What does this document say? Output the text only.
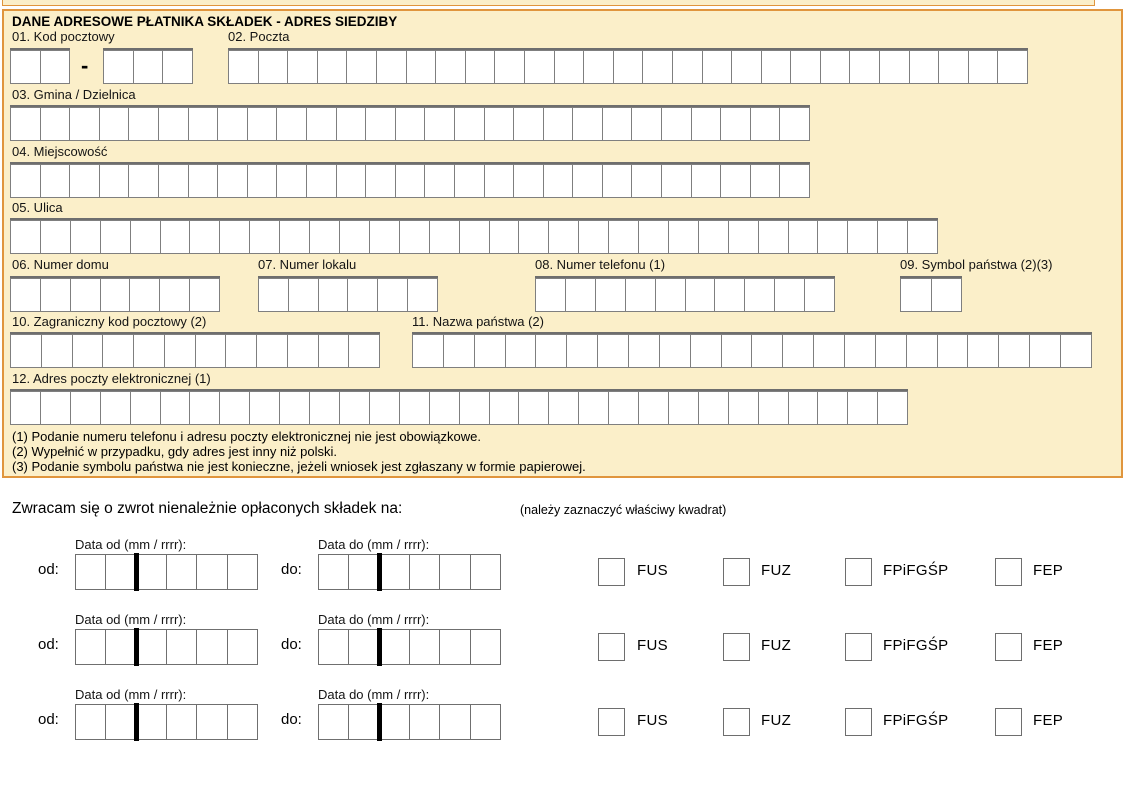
DANE ADRESOWE PŁATNIKA SKŁADEK - ADRES SIEDZIBY
01. Kod pocztowy
-
02. Poczta
03. Gmina / Dzielnica
04. Miejscowość
05. Ulica
06. Numer domu	07. Numer lokalu	08. Numer telefonu (1)	09. Symbol państwa (2)(3)
10. Zagraniczny kod pocztowy (2)	11. Nazwa państwa (2)
12. Adres poczty elektronicznej (1)
(1) Podanie numeru telefonu i adresu poczty elektronicznej nie jest obowiązkowe.
(2) Wypełnić w przypadku, gdy adres jest inny niż polski.
(3) Podanie symbolu państwa nie jest konieczne, jeżeli wniosek jest zgłaszany w formie papierowej.
Zwracam się o zwrot nienależnie opłaconych składek na:	(należy zaznaczyć właściwy kwadrat)
Data od (mm / rrrr):
od:
Data do (mm / rrrr):
do:	FUS	FUZ	FPiFGŚP	FEP
Data od (mm / rrrr):
od:
Data do (mm / rrrr):
do:	FUS	FUZ	FPiFGŚP	FEP
Data od (mm / rrrr):
od:
Data do (mm / rrrr):
do:	FUS	FUZ	FPiFGŚP	FEP
